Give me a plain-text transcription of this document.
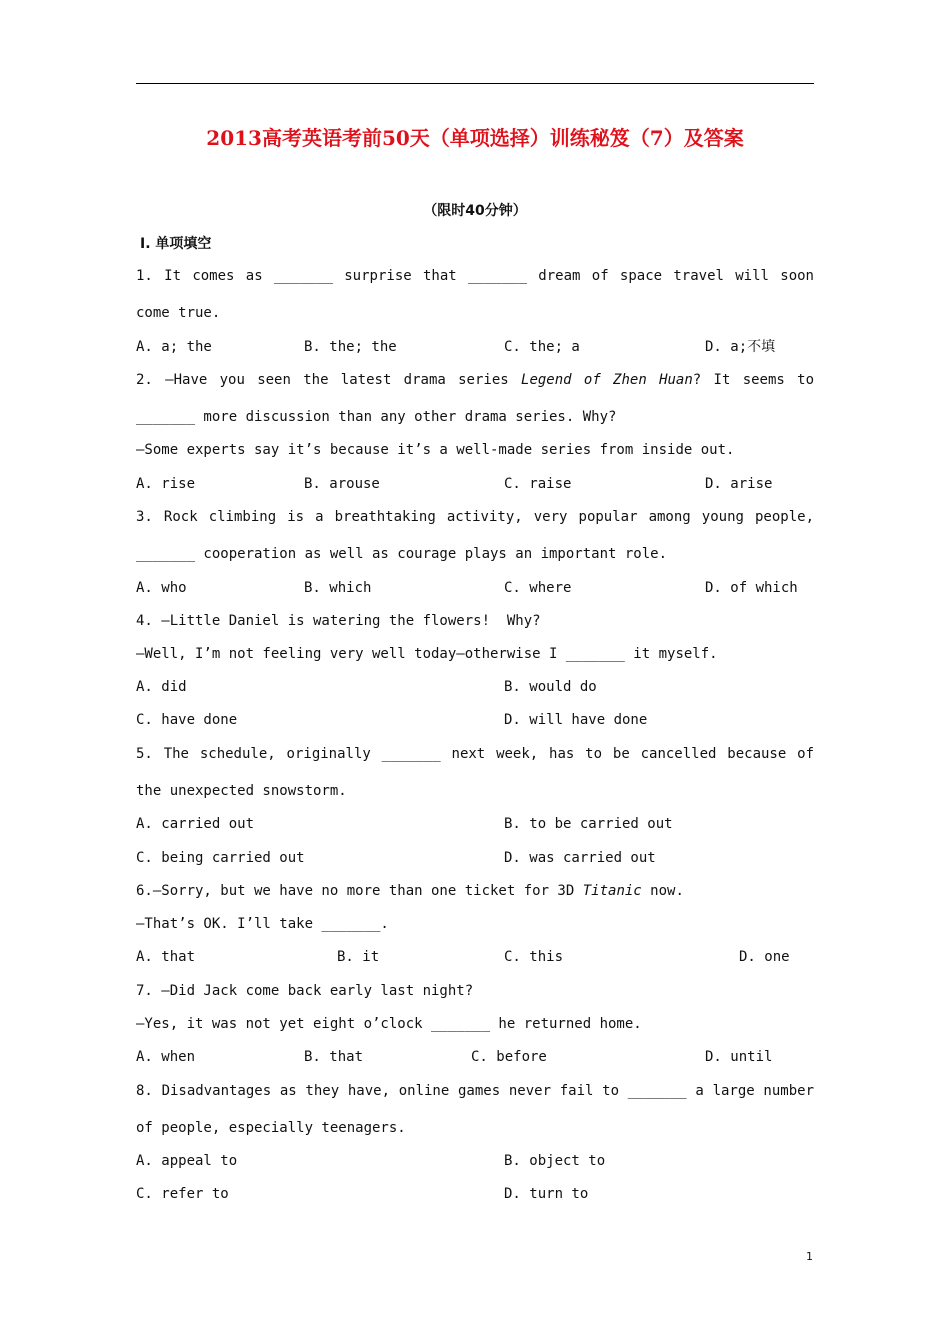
2013高考英语考前50天（单项选择）训练秘笈（7）及答案
（限时40分钟）
Ⅰ. 单项填空
1. It comes as _______ surprise that _______ dream of space travel will soon
come true.
A. a; the	B. the; the	C. the; a	D. a;不填
2. —Have you seen the latest drama series Legend of Zhen Huan? It seems to
_______ more discussion than any other drama series. Why?
—Some experts say it’s because it’s a well-made series from inside out.
A. rise	B. arouse	C. raise	D. arise
3. Rock climbing is a breathtaking activity, very popular among young people,
_______ cooperation as well as courage plays an important role.
A. who	B. which	C. where	D. of which
4. —Little Daniel is watering the flowers!  Why?
—Well, I’m not feeling very well today—otherwise I _______ it myself.
A. did	B. would do
C. have done	D. will have done
5. The schedule, originally _______ next week, has to be cancelled because of
the unexpected snowstorm.
A. carried out	B. to be carried out
C. being carried out	D. was carried out
6.—Sorry, but we have no more than one ticket for 3D Titanic now.
—That’s OK. I’ll take _______.
A. that	B. it	C. this	D. one
7. —Did Jack come back early last night?
—Yes, it was not yet eight o’clock _______ he returned home.
A. when	B. that	C. before	D. until
8. Disadvantages as they have, online games never fail to _______ a large number
of people, especially teenagers.
A. appeal to	B. object to
C. refer to	D. turn to
1
